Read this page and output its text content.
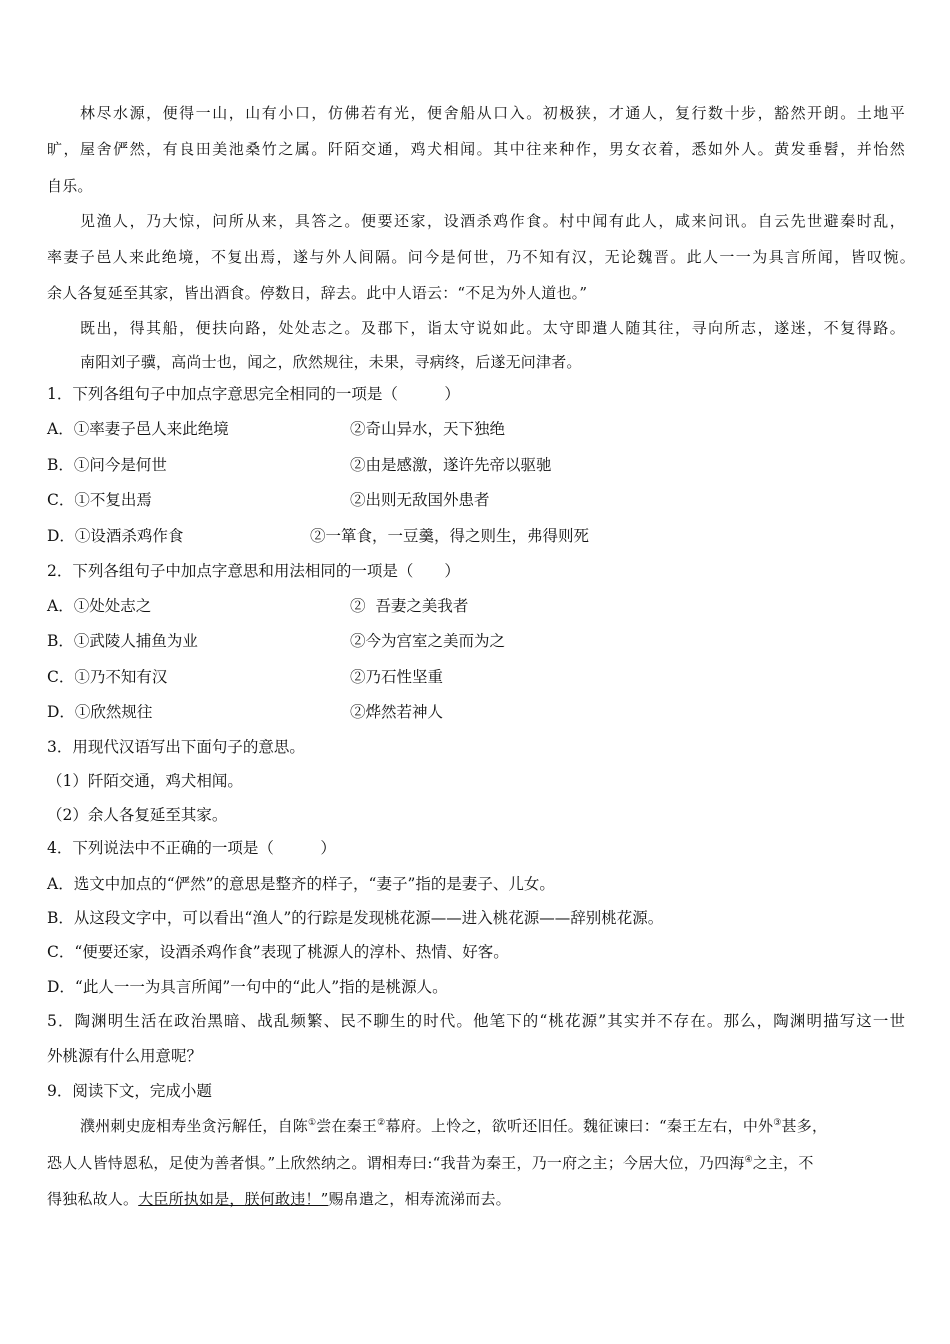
林尽水源，便得一山，山有小口，仿佛若有光，便舍船从口入。初极狭，才通人，复行数十步，豁然开朗。土地平
旷，屋舍俨然，有良田美池桑竹之属。阡陌交通，鸡犬相闻。其中往来种作，男女衣着，悉如外人。黄发垂髫，并怡然
自乐。
见渔人，乃大惊，问所从来，具答之。便要还家，设酒杀鸡作食。村中闻有此人，咸来问讯。自云先世避秦时乱，
率妻子邑人来此绝境，不复出焉，遂与外人间隔。问今是何世，乃不知有汉，无论魏晋。此人一一为具言所闻，皆叹惋。
余人各复延至其家，皆出酒食。停数日，辞去。此中人语云：“不足为外人道也。”
既出，得其船，便扶向路，处处志之。及郡下，诣太守说如此。太守即遣人随其往，寻向所志，遂迷，不复得路。
南阳刘子骥，高尚士也，闻之，欣然规往，未果，寻病终，后遂无问津者。
1．下列各组句子中加点字意思完全相同的一项是（　　　）
A．①率妻子邑人来此绝境	②奇山异水，天下独绝
B．①问今是何世	②由是感激，遂许先帝以驱驰
C．①不复出焉	②出则无敌国外患者
D．①设酒杀鸡作食	②一箪食，一豆羹，得之则生，弗得则死
2．下列各组句子中加点字意思和用法相同的一项是（　　）
A．①处处志之	②  吾妻之美我者
B．①武陵人捕鱼为业	②今为宫室之美而为之
C．①乃不知有汉	②乃石性坚重
D．①欣然规往	②烨然若神人
3．用现代汉语写出下面句子的意思。
（1）阡陌交通，鸡犬相闻。
（2）余人各复延至其家。
4．下列说法中不正确的一项是（　　　）
A．选文中加点的“俨然”的意思是整齐的样子，“妻子”指的是妻子、儿女。
B．从这段文字中，可以看出“渔人”的行踪是发现桃花源——进入桃花源——辞别桃花源。
C．“便要还家，设酒杀鸡作食”表现了桃源人的淳朴、热情、好客。
D．“此人一一为具言所闻”一句中的“此人”指的是桃源人。
5．陶渊明生活在政治黑暗、战乱频繁、民不聊生的时代。他笔下的“桃花源”其实并不存在。那么，陶渊明描写这一世
外桃源有什么用意呢？
9．阅读下文，完成小题
濮州刺史庞相寿坐贪污解任，自陈①尝在秦王②幕府。上怜之，欲听还旧任。魏征谏曰：“秦王左右，中外③甚多，
恐人人皆恃恩私，足使为善者惧。”上欣然纳之。谓相寿曰:“我昔为秦王，乃一府之主；今居大位，乃四海④之主，不
得独私故人。大臣所执如是，朕何敢违！”赐帛遣之，相寿流涕而去。
